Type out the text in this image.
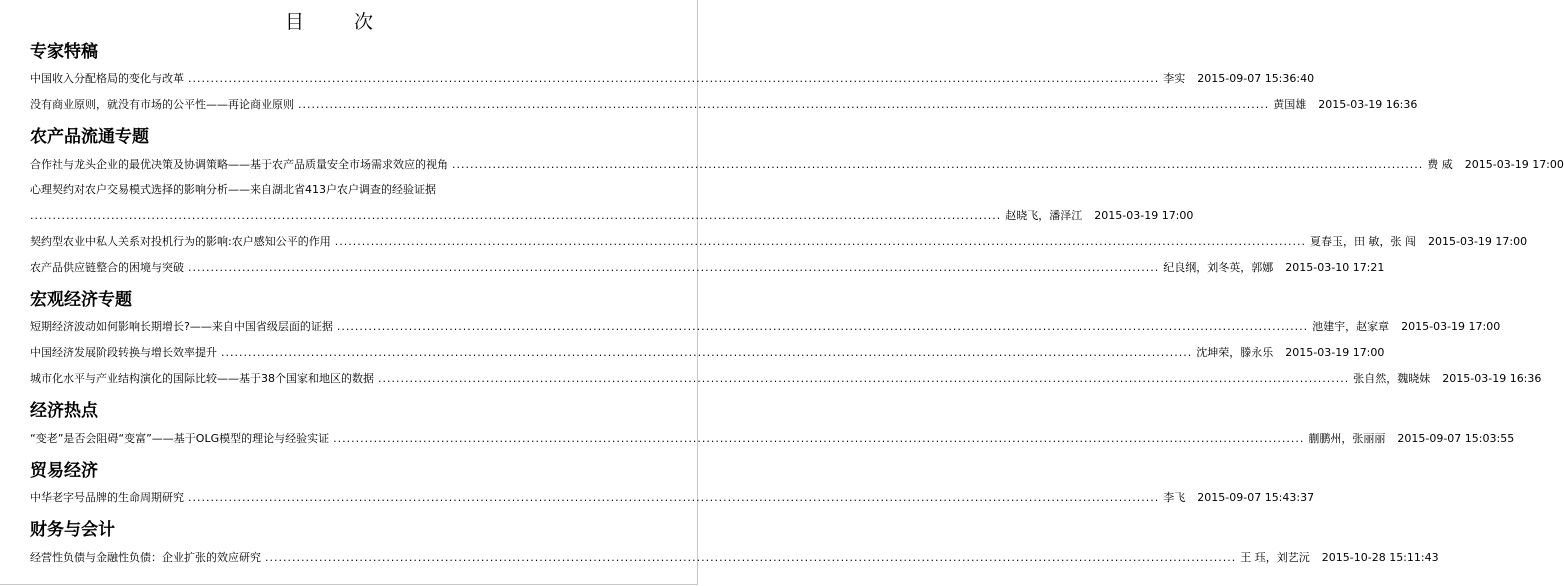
目 次
专家特稿
中国收入分配格局的变化与改革 ........................................................................................................................................................................................................................ 李实 2015-09-07 15:36:40
没有商业原则，就没有市场的公平性——再论商业原则 ........................................................................................................................................................................................................................ 黄国雄 2015-03-19 16:36
农产品流通专题
合作社与龙头企业的最优决策及协调策略——基于农产品质量安全市场需求效应的视角 ........................................................................................................................................................................................................................ 费 威 2015-03-19 17:00
心理契约对农户交易模式选择的影响分析——来自湖北省413户农户调查的经验证据
........................................................................................................................................................................................................................ 赵晓飞，潘泽江 2015-03-19 17:00
契约型农业中私人关系对投机行为的影响:农户感知公平的作用 ........................................................................................................................................................................................................................ 夏春玉，田 敏，张 闯 2015-03-19 17:00
农产品供应链整合的困境与突破 ........................................................................................................................................................................................................................ 纪良纲，刘冬英，郭娜 2015-03-10 17:21
宏观经济专题
短期经济波动如何影响长期增长?——来自中国省级层面的证据 ........................................................................................................................................................................................................................ 池建宇，赵家章 2015-03-19 17:00
中国经济发展阶段转换与增长效率提升 ........................................................................................................................................................................................................................ 沈坤荣，滕永乐 2015-03-19 17:00
城市化水平与产业结构演化的国际比较——基于38个国家和地区的数据 ........................................................................................................................................................................................................................ 张自然，魏晓妹 2015-03-19 16:36
经济热点
“变老”是否会阻碍“变富”——基于OLG模型的理论与经验实证 ........................................................................................................................................................................................................................ 蒯鹏州，张丽丽 2015-09-07 15:03:55
贸易经济
中华老字号品牌的生命周期研究 ........................................................................................................................................................................................................................ 李飞 2015-09-07 15:43:37
财务与会计
经营性负债与金融性负债：企业扩张的效应研究 ........................................................................................................................................................................................................................ 王 珏，刘艺沅 2015-10-28 15:11:43
